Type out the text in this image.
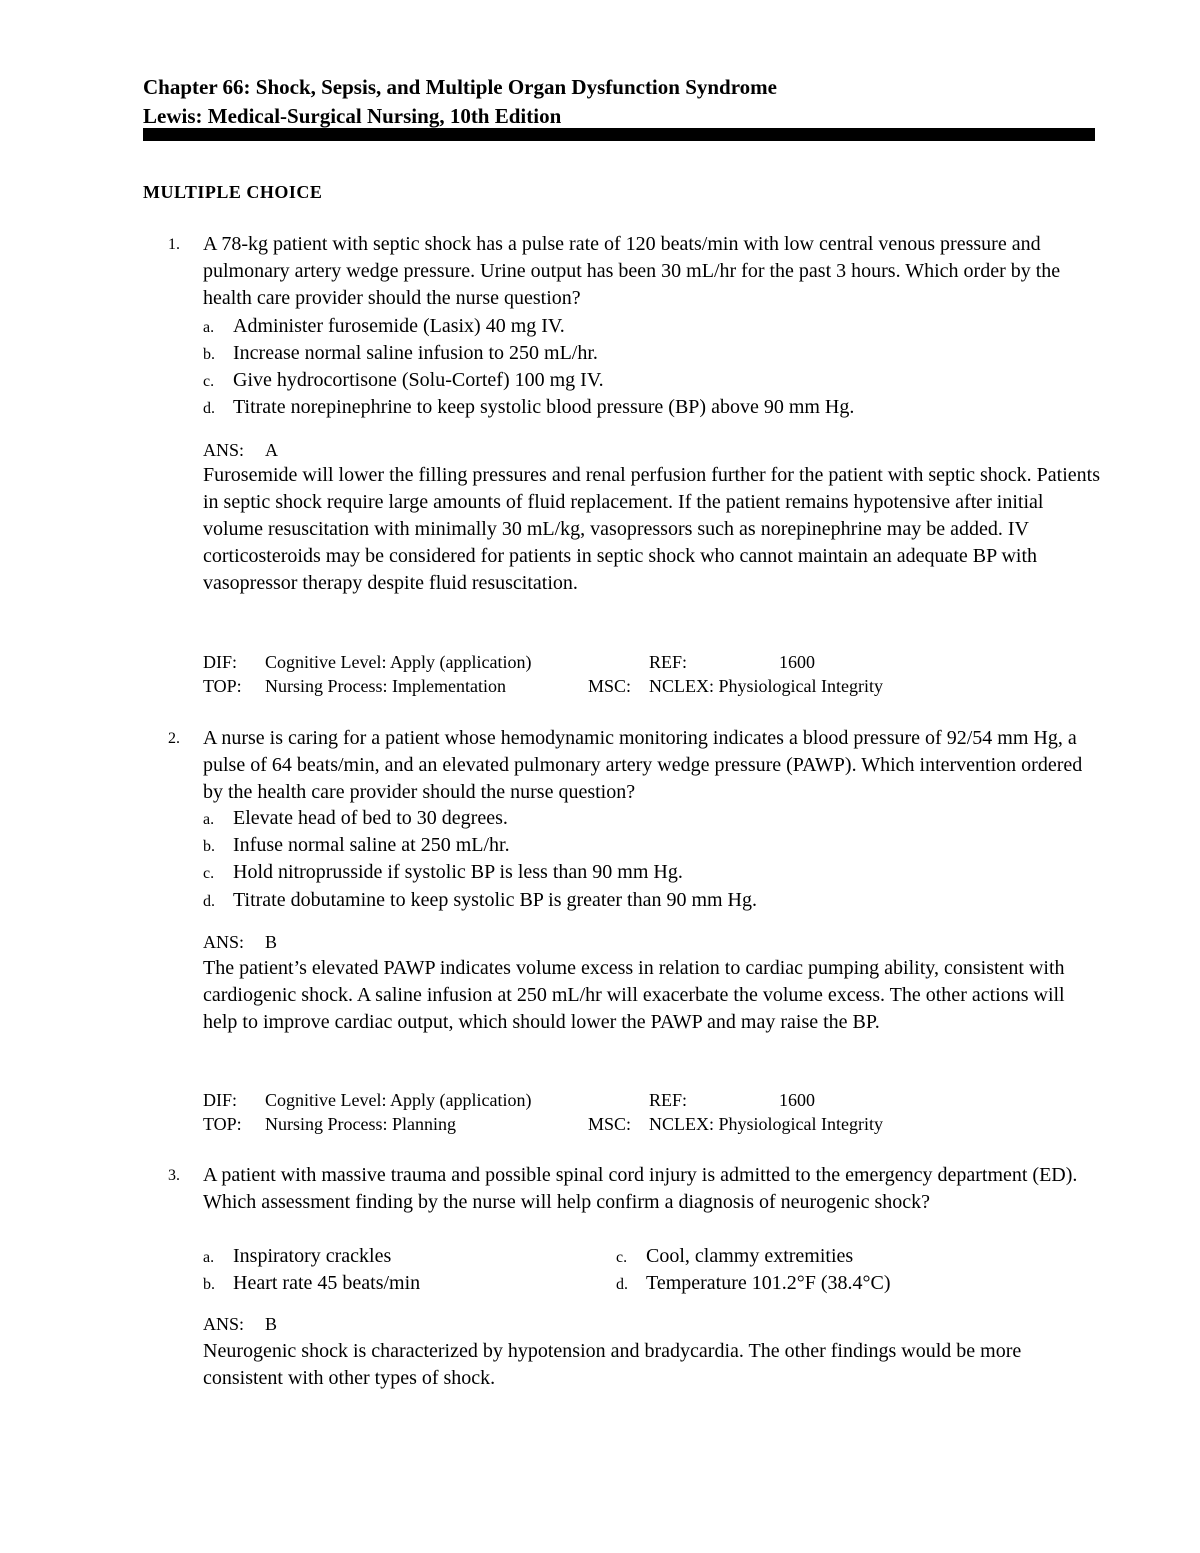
Chapter 66: Shock, Sepsis, and Multiple Organ Dysfunction Syndrome
Lewis: Medical-Surgical Nursing, 10th Edition
MULTIPLE CHOICE
1. A 78-kg patient with septic shock has a pulse rate of 120 beats/min with low central venous pressure and pulmonary artery wedge pressure. Urine output has been 30 mL/hr for the past 3 hours. Which order by the health care provider should the nurse question?
a. Administer furosemide (Lasix) 40 mg IV.
b. Increase normal saline infusion to 250 mL/hr.
c. Give hydrocortisone (Solu-Cortef) 100 mg IV.
d. Titrate norepinephrine to keep systolic blood pressure (BP) above 90 mm Hg.
ANS: A
Furosemide will lower the filling pressures and renal perfusion further for the patient with septic shock. Patients in septic shock require large amounts of fluid replacement. If the patient remains hypotensive after initial volume resuscitation with minimally 30 mL/kg, vasopressors such as norepinephrine may be added. IV corticosteroids may be considered for patients in septic shock who cannot maintain an adequate BP with vasopressor therapy despite fluid resuscitation.
DIF: Cognitive Level: Apply (application)	REF:	1600
TOP: Nursing Process: Implementation	MSC: NCLEX: Physiological Integrity
2. A nurse is caring for a patient whose hemodynamic monitoring indicates a blood pressure of 92/54 mm Hg, a pulse of 64 beats/min, and an elevated pulmonary artery wedge pressure (PAWP). Which intervention ordered by the health care provider should the nurse question?
a. Elevate head of bed to 30 degrees.
b. Infuse normal saline at 250 mL/hr.
c. Hold nitroprusside if systolic BP is less than 90 mm Hg.
d. Titrate dobutamine to keep systolic BP is greater than 90 mm Hg.
ANS: B
The patient’s elevated PAWP indicates volume excess in relation to cardiac pumping ability, consistent with cardiogenic shock. A saline infusion at 250 mL/hr will exacerbate the volume excess. The other actions will help to improve cardiac output, which should lower the PAWP and may raise the BP.
DIF: Cognitive Level: Apply (application)	REF:	1600
TOP: Nursing Process: Planning	MSC: NCLEX: Physiological Integrity
3. A patient with massive trauma and possible spinal cord injury is admitted to the emergency department (ED). Which assessment finding by the nurse will help confirm a diagnosis of neurogenic shock?
a. Inspiratory crackles
b. Heart rate 45 beats/min
c. Cool, clammy extremities
d. Temperature 101.2°F (38.4°C)
ANS: B
Neurogenic shock is characterized by hypotension and bradycardia. The other findings would be more consistent with other types of shock.
